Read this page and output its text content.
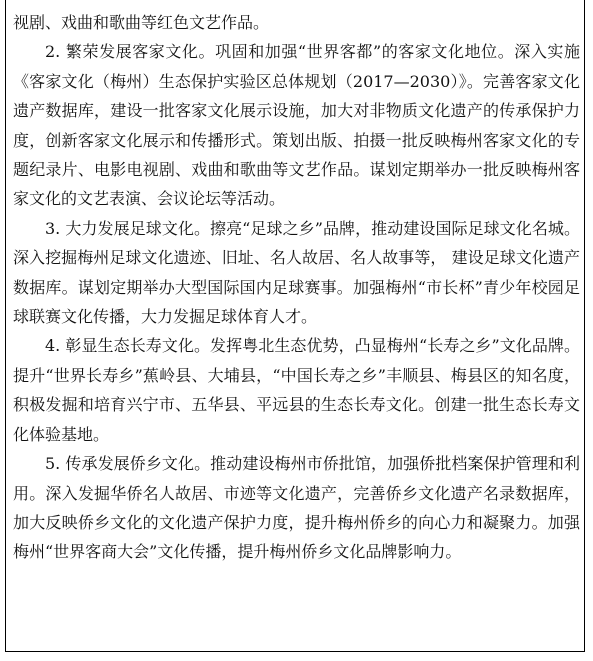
视剧、戏曲和歌曲等红色文艺作品。

2. 繁荣发展客家文化。巩固和加强“世界客都”的客家文化地位。深入实施《客家文化（梅州）生态保护实验区总体规划（2017—2030）》。完善客家文化遗产数据库，建设一批客家文化展示设施，加大对非物质文化遗产的传承保护力度，创新客家文化展示和传播形式。策划出版、拍摄一批反映梅州客家文化的专题纪录片、电影电视剧、戏曲和歌曲等文艺作品。谋划定期举办一批反映梅州客家文化的文艺表演、会议论坛等活动。

3. 大力发展足球文化。擦亮“足球之乡”品牌，推动建设国际足球文化名城。深入挖掘梅州足球文化遗迹、旧址、名人故居、名人故事等， 建设足球文化遗产数据库。谋划定期举办大型国际国内足球赛事。加强梅州“市长杯”青少年校园足球联赛文化传播，大力发掘足球体育人才。

4. 彰显生态长寿文化。发挥粤北生态优势，凸显梅州“长寿之乡”文化品牌。提升“世界长寿乡”蕉岭县、大埔县，“中国长寿之乡”丰顺县、梅县区的知名度，积极发掘和培育兴宁市、五华县、平远县的生态长寿文化。创建一批生态长寿文化体验基地。

5. 传承发展侨乡文化。推动建设梅州市侨批馆，加强侨批档案保护管理和利用。深入发掘华侨名人故居、市迹等文化遗产，完善侨乡文化遗产名录数据库，加大反映侨乡文化的文化遗产保护力度，提升梅州侨乡的向心力和凝聚力。加强梅州“世界客商大会”文化传播，提升梅州侨乡文化品牌影响力。
